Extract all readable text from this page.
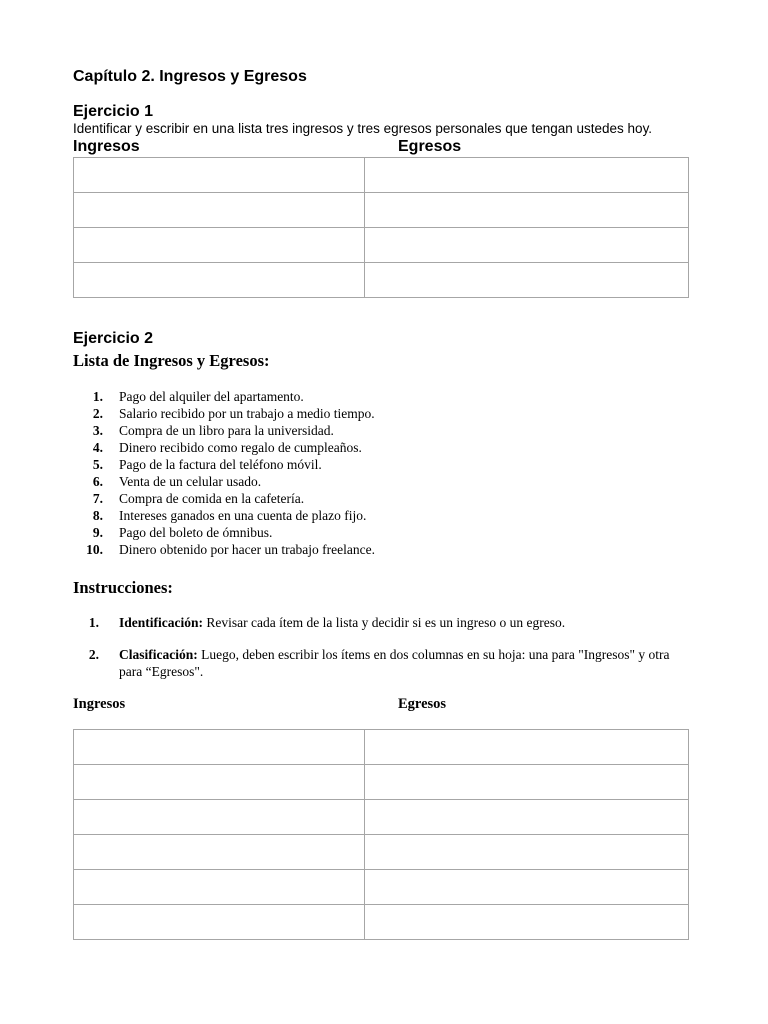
Capítulo 2. Ingresos y Egresos
Ejercicio 1
Identificar y escribir en una lista tres ingresos y tres egresos personales que tengan ustedes hoy.
Ingresos	Egresos

Ejercicio 2
Lista de Ingresos y Egresos:
1. Pago del alquiler del apartamento.
2. Salario recibido por un trabajo a medio tiempo.
3. Compra de un libro para la universidad.
4. Dinero recibido como regalo de cumpleaños.
5. Pago de la factura del teléfono móvil.
6. Venta de un celular usado.
7. Compra de comida en la cafetería.
8. Intereses ganados en una cuenta de plazo fijo.
9. Pago del boleto de ómnibus.
10. Dinero obtenido por hacer un trabajo freelance.
Instrucciones:
1. Identificación: Revisar cada ítem de la lista y decidir si es un ingreso o un egreso.
2. Clasificación: Luego, deben escribir los ítems en dos columnas en su hoja: una para "Ingresos" y otra para “Egresos".
Ingresos	Egresos
